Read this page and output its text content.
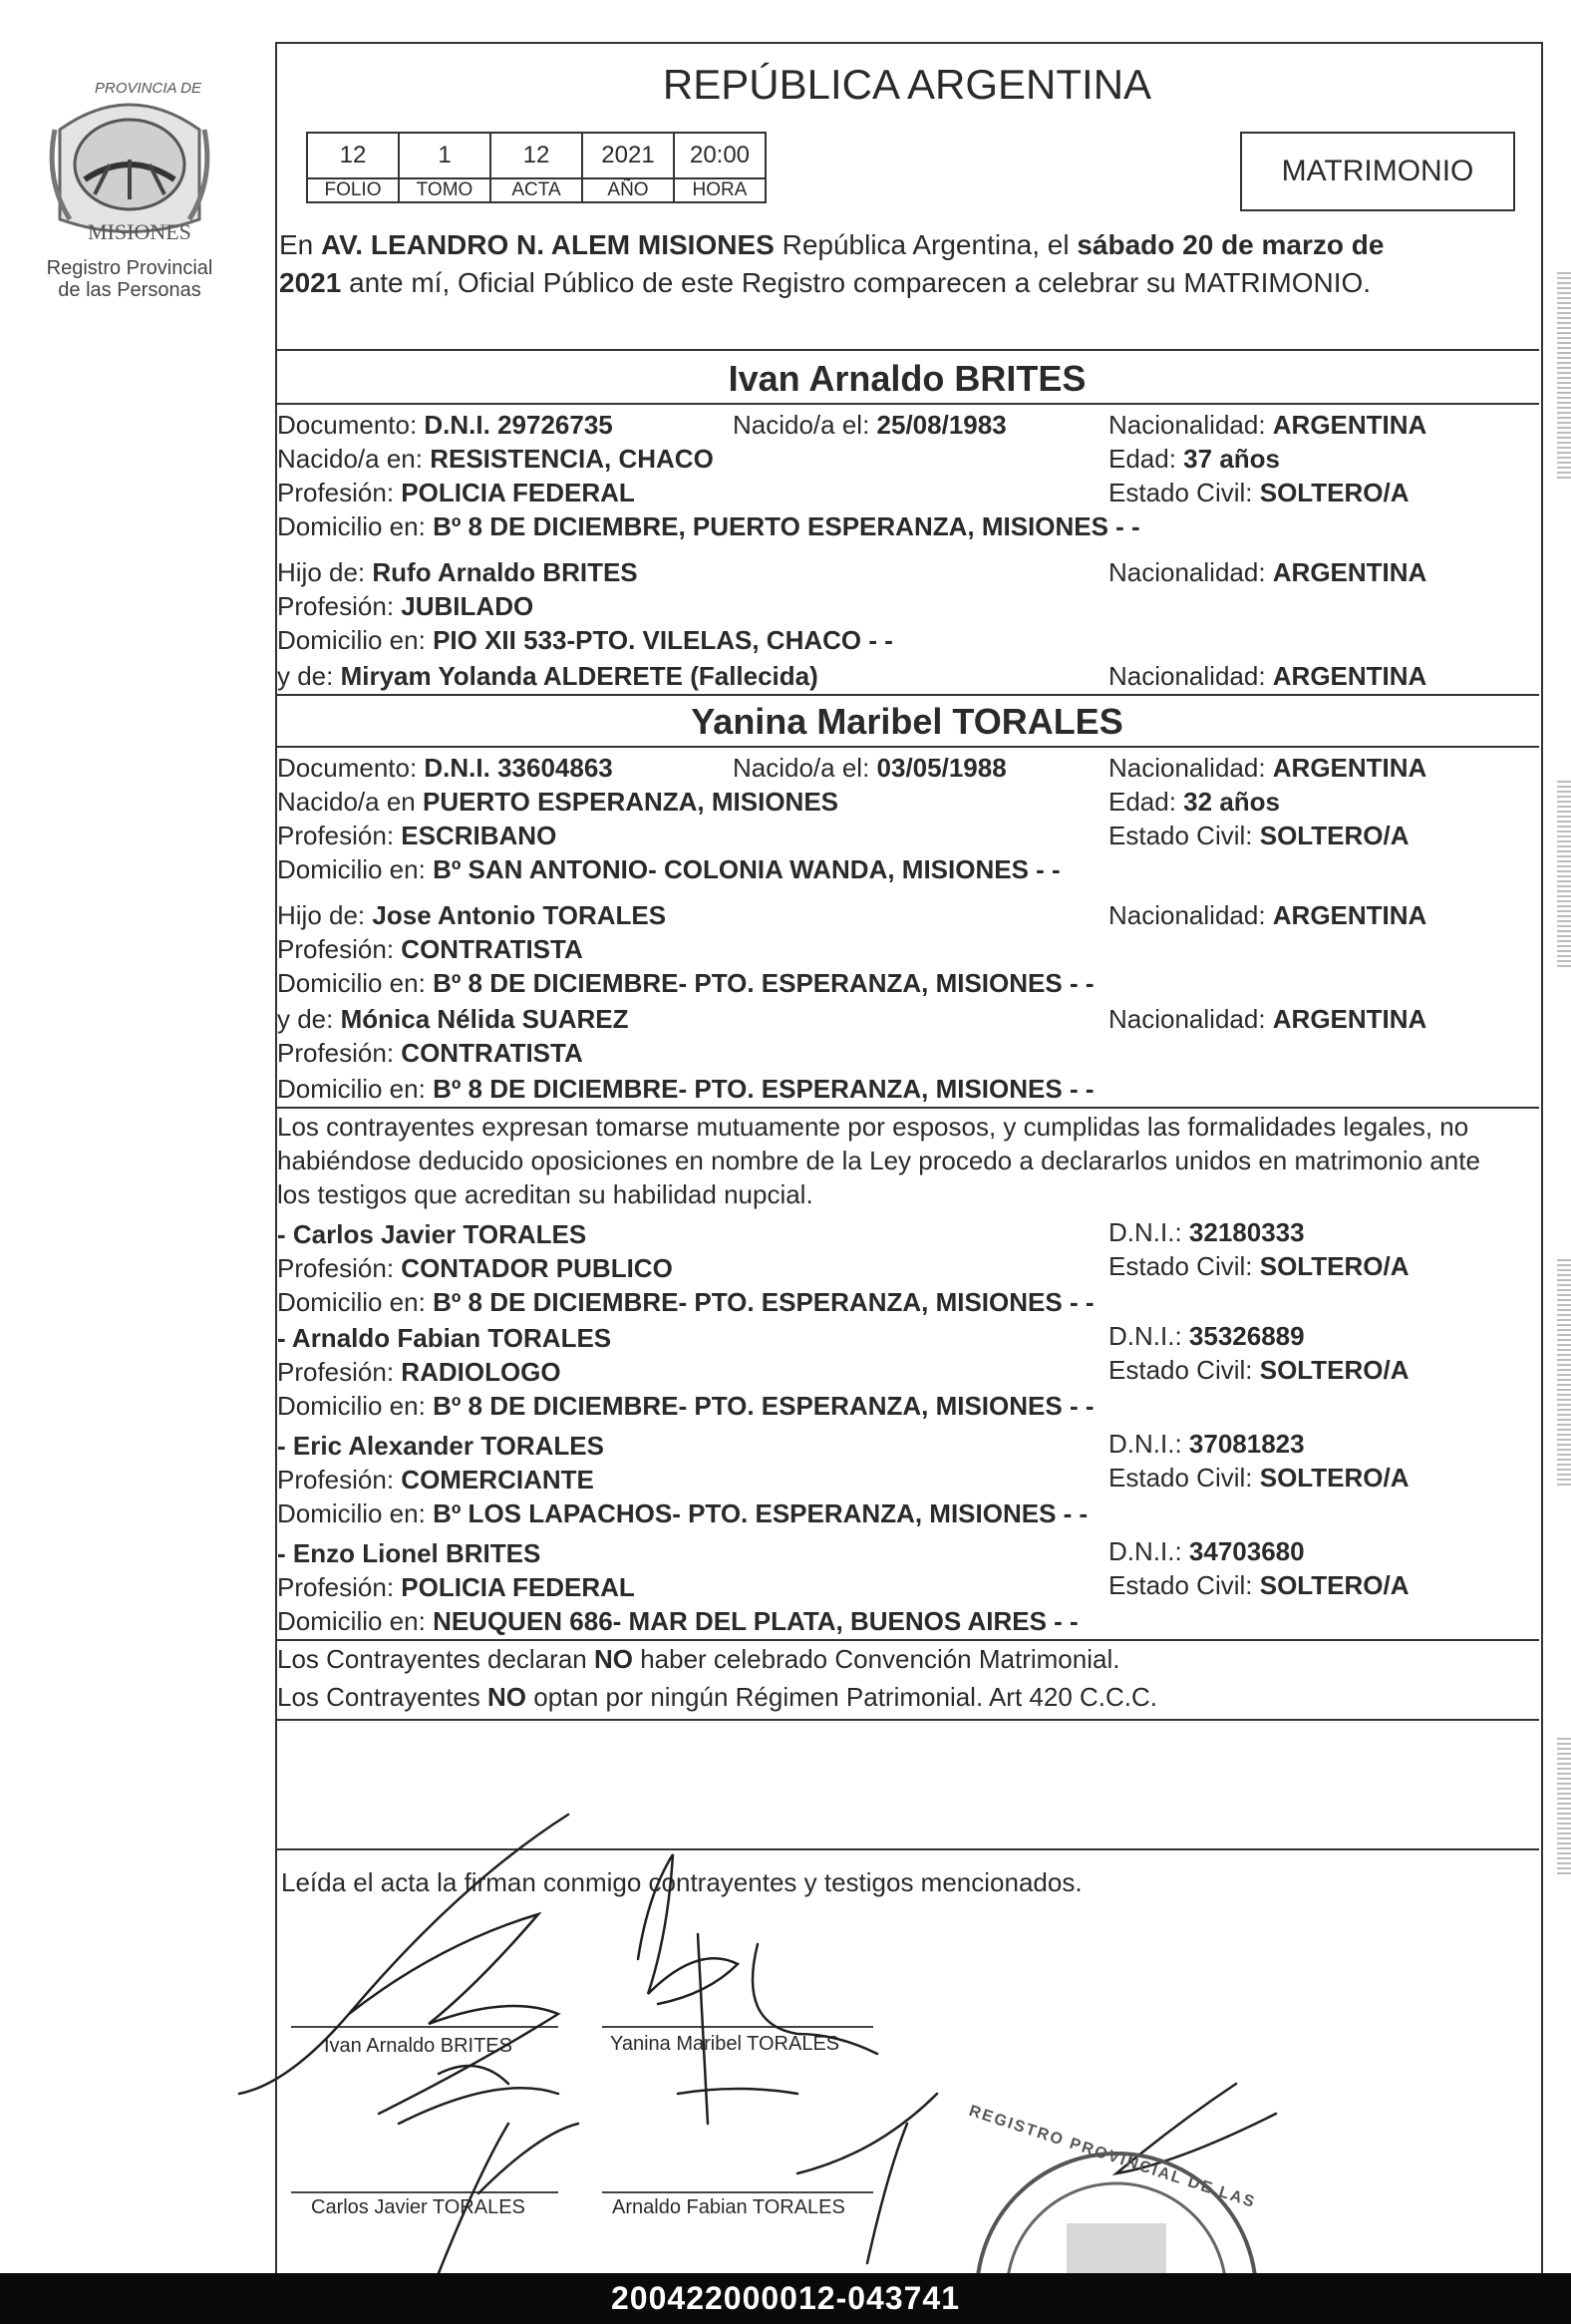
PROVINCIA DE
MISIONES
Registro Provincial
de las Personas
REPÚBLICA ARGENTINA
12	1	12	2021	20:00
FOLIO	TOMO	ACTA	AÑO	HORA
MATRIMONIO
En AV. LEANDRO N. ALEM MISIONES República Argentina, el sábado 20 de marzo de
2021 ante mí, Oficial Público de este Registro comparecen a celebrar su MATRIMONIO.
Ivan Arnaldo BRITES
Documento: D.N.I. 29726735	Nacido/a el: 25/08/1983	Nacionalidad: ARGENTINA
Nacido/a en: RESISTENCIA, CHACO	Edad: 37 años
Profesión: POLICIA FEDERAL	Estado Civil: SOLTERO/A
Domicilio en: Bº 8 DE DICIEMBRE, PUERTO ESPERANZA, MISIONES - -
Hijo de: Rufo Arnaldo BRITES	Nacionalidad: ARGENTINA
Profesión: JUBILADO
Domicilio en: PIO XII 533-PTO. VILELAS, CHACO - -
y de: Miryam Yolanda ALDERETE (Fallecida)	Nacionalidad: ARGENTINA
Yanina Maribel TORALES
Documento: D.N.I. 33604863	Nacido/a el: 03/05/1988	Nacionalidad: ARGENTINA
Nacido/a en PUERTO ESPERANZA, MISIONES	Edad: 32 años
Profesión: ESCRIBANO	Estado Civil: SOLTERO/A
Domicilio en: Bº SAN ANTONIO- COLONIA WANDA, MISIONES - -
Hijo de: Jose Antonio TORALES	Nacionalidad: ARGENTINA
Profesión: CONTRATISTA
Domicilio en: Bº 8 DE DICIEMBRE- PTO. ESPERANZA, MISIONES - -
y de: Mónica Nélida SUAREZ	Nacionalidad: ARGENTINA
Profesión: CONTRATISTA
Domicilio en: Bº 8 DE DICIEMBRE- PTO. ESPERANZA, MISIONES - -
Los contrayentes expresan tomarse mutuamente por esposos, y cumplidas las formalidades legales, no
habiéndose deducido oposiciones en nombre de la Ley procedo a declararlos unidos en matrimonio ante
los testigos que acreditan su habilidad nupcial.
- Carlos Javier TORALES	D.N.I.: 32180333
Profesión: CONTADOR PUBLICO	Estado Civil: SOLTERO/A
Domicilio en: Bº 8 DE DICIEMBRE- PTO. ESPERANZA, MISIONES - -
- Arnaldo Fabian TORALES	D.N.I.: 35326889
Profesión: RADIOLOGO	Estado Civil: SOLTERO/A
Domicilio en: Bº 8 DE DICIEMBRE- PTO. ESPERANZA, MISIONES - -
- Eric Alexander TORALES	D.N.I.: 37081823
Profesión: COMERCIANTE	Estado Civil: SOLTERO/A
Domicilio en: Bº LOS LAPACHOS- PTO. ESPERANZA, MISIONES - -
- Enzo Lionel BRITES	D.N.I.: 34703680
Profesión: POLICIA FEDERAL	Estado Civil: SOLTERO/A
Domicilio en: NEUQUEN 686- MAR DEL PLATA, BUENOS AIRES - -
Los Contrayentes declaran NO haber celebrado Convención Matrimonial.
Los Contrayentes NO optan por ningún Régimen Patrimonial. Art 420 C.C.C.
Leída el acta la firman conmigo contrayentes y testigos mencionados.
Ivan Arnaldo BRITES	Yanina Maribel TORALES
Carlos Javier TORALES	Arnaldo Fabian TORALES	REGISTRO PROVINCIAL DE LAS
200422000012-043741
